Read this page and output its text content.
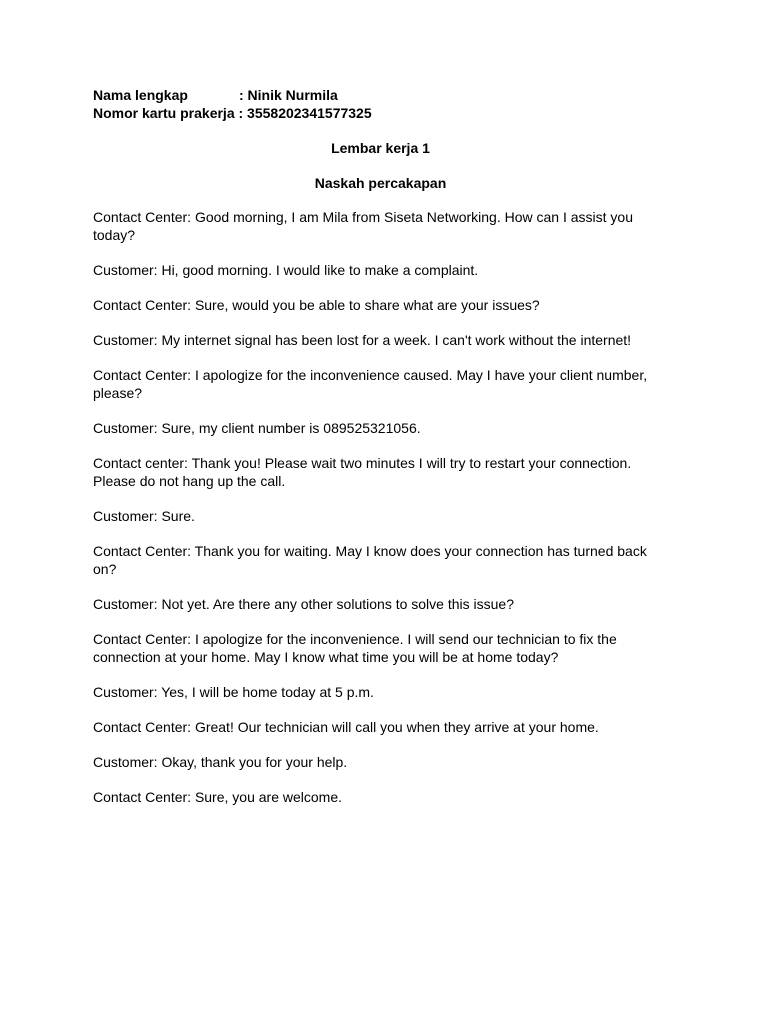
Nama lengkap	: Ninik Nurmila
Nomor kartu prakerja : 3558202341577325

Lembar kerja 1

Naskah percakapan

Contact Center: Good morning, I am Mila from Siseta Networking. How can I assist you today?

Customer: Hi, good morning. I would like to make a complaint.

Contact Center: Sure, would you be able to share what are your issues?

Customer: My internet signal has been lost for a week. I can't work without the internet!

Contact Center: I apologize for the inconvenience caused. May I have your client number, please?

Customer: Sure, my client number is 089525321056.

Contact center: Thank you! Please wait two minutes I will try to restart your connection. Please do not hang up the call.

Customer: Sure.

Contact Center: Thank you for waiting. May I know does your connection has turned back on?

Customer: Not yet. Are there any other solutions to solve this issue?

Contact Center: I apologize for the inconvenience. I will send our technician to fix the connection at your home. May I know what time you will be at home today?

Customer: Yes, I will be home today at 5 p.m.

Contact Center: Great! Our technician will call you when they arrive at your home.

Customer: Okay, thank you for your help.

Contact Center: Sure, you are welcome.
